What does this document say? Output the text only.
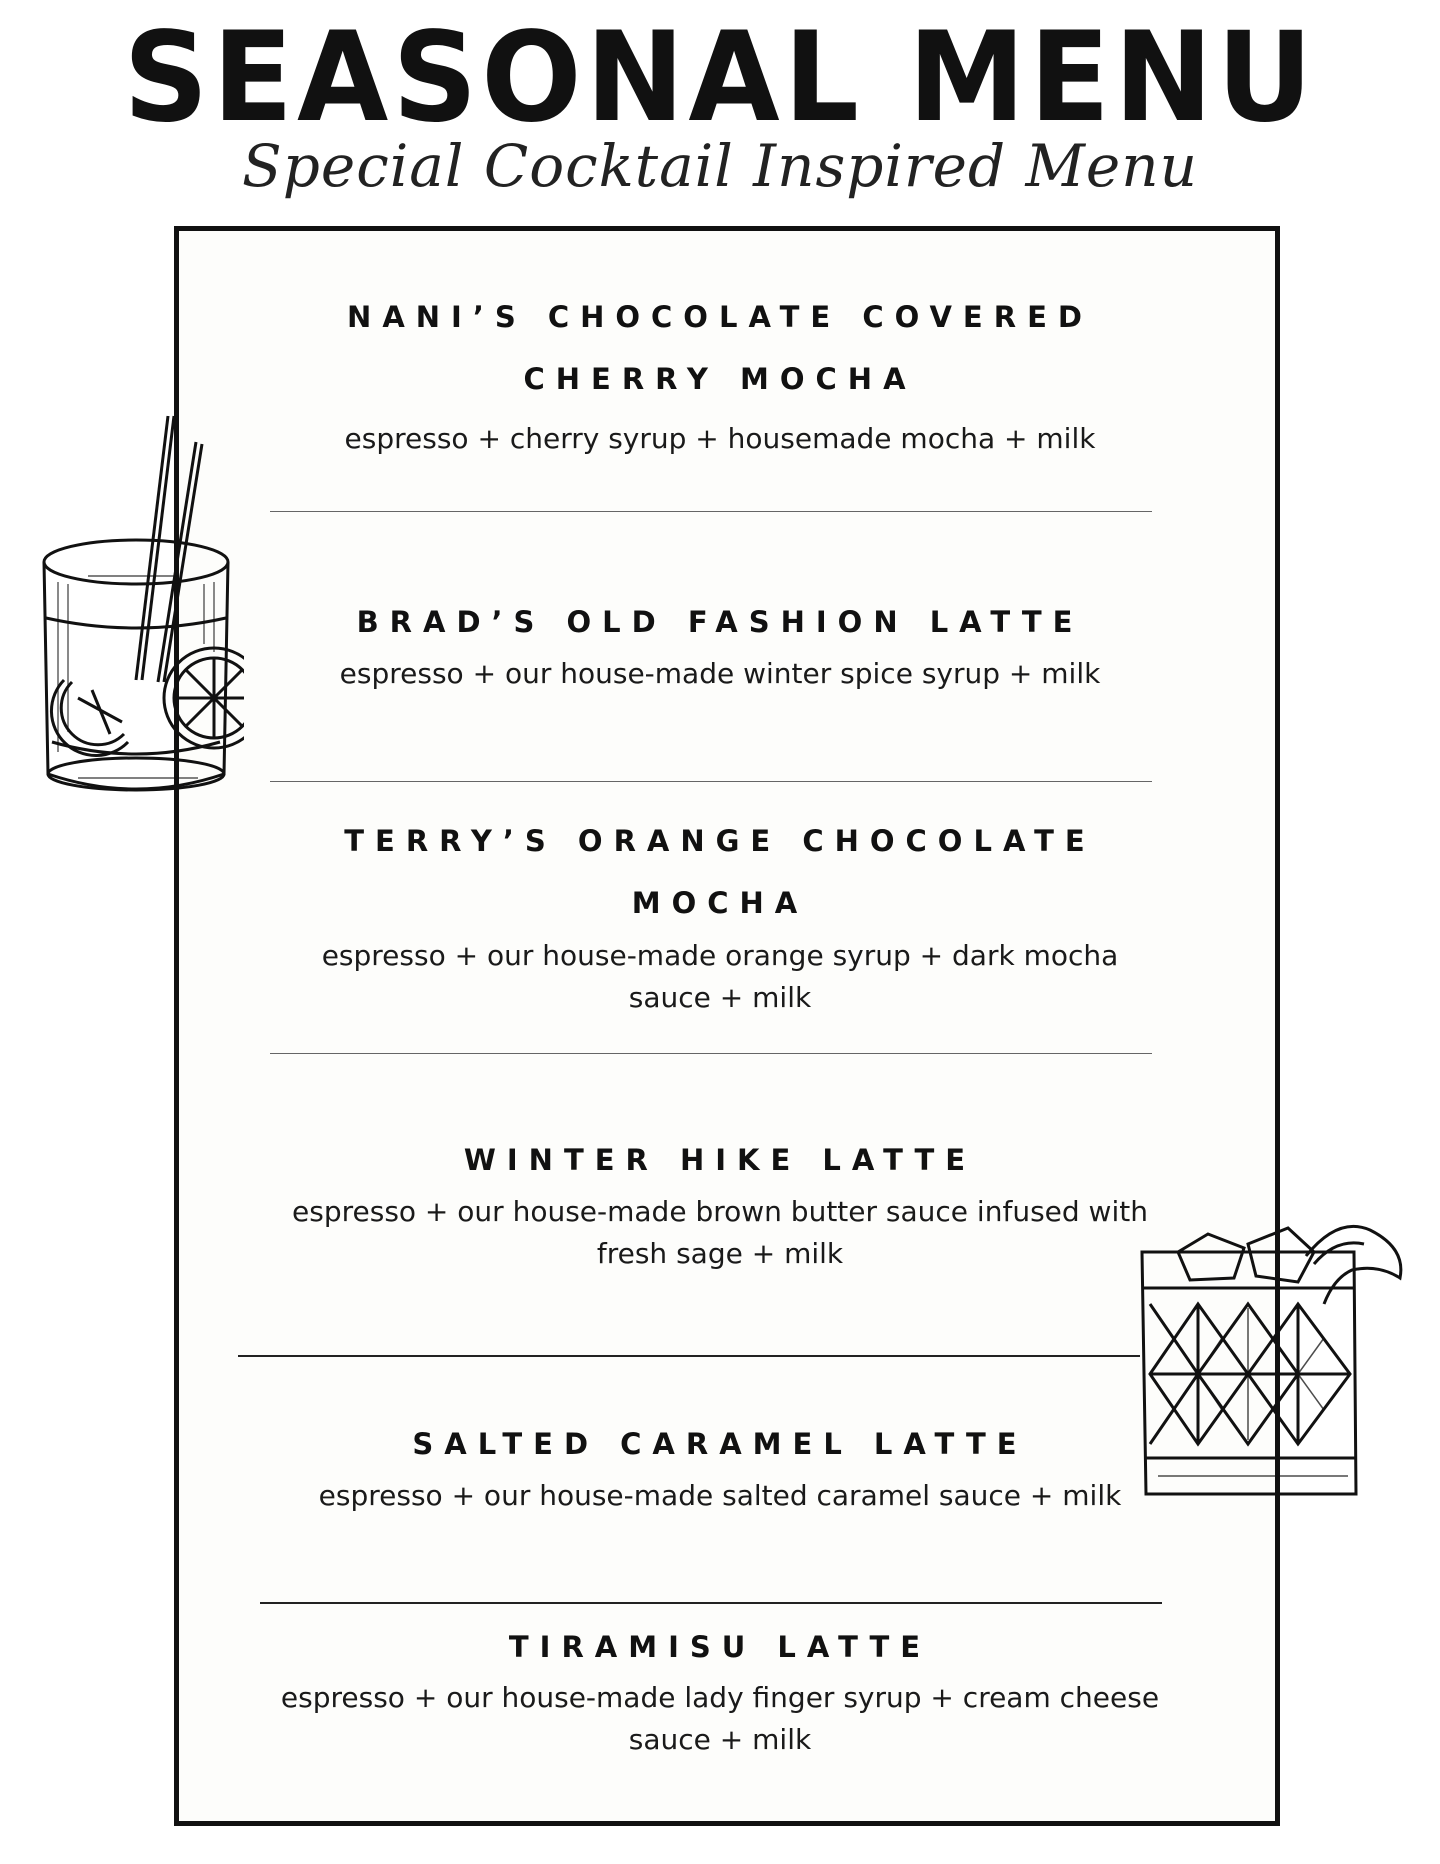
SEASONAL MENU
Special Cocktail Inspired Menu
NANI’S CHOCOLATE COVERED
CHERRY MOCHA
espresso + cherry syrup + housemade mocha + milk
BRAD’S OLD FASHION LATTE
espresso + our house-made winter spice syrup + milk
TERRY’S ORANGE CHOCOLATE
MOCHA
espresso + our house-made orange syrup + dark mocha sauce + milk
WINTER HIKE LATTE
espresso + our house-made brown butter sauce infused with fresh sage + milk
SALTED CARAMEL LATTE
espresso + our house-made salted caramel sauce + milk
TIRAMISU LATTE
espresso + our house-made lady finger syrup + cream cheese sauce + milk
